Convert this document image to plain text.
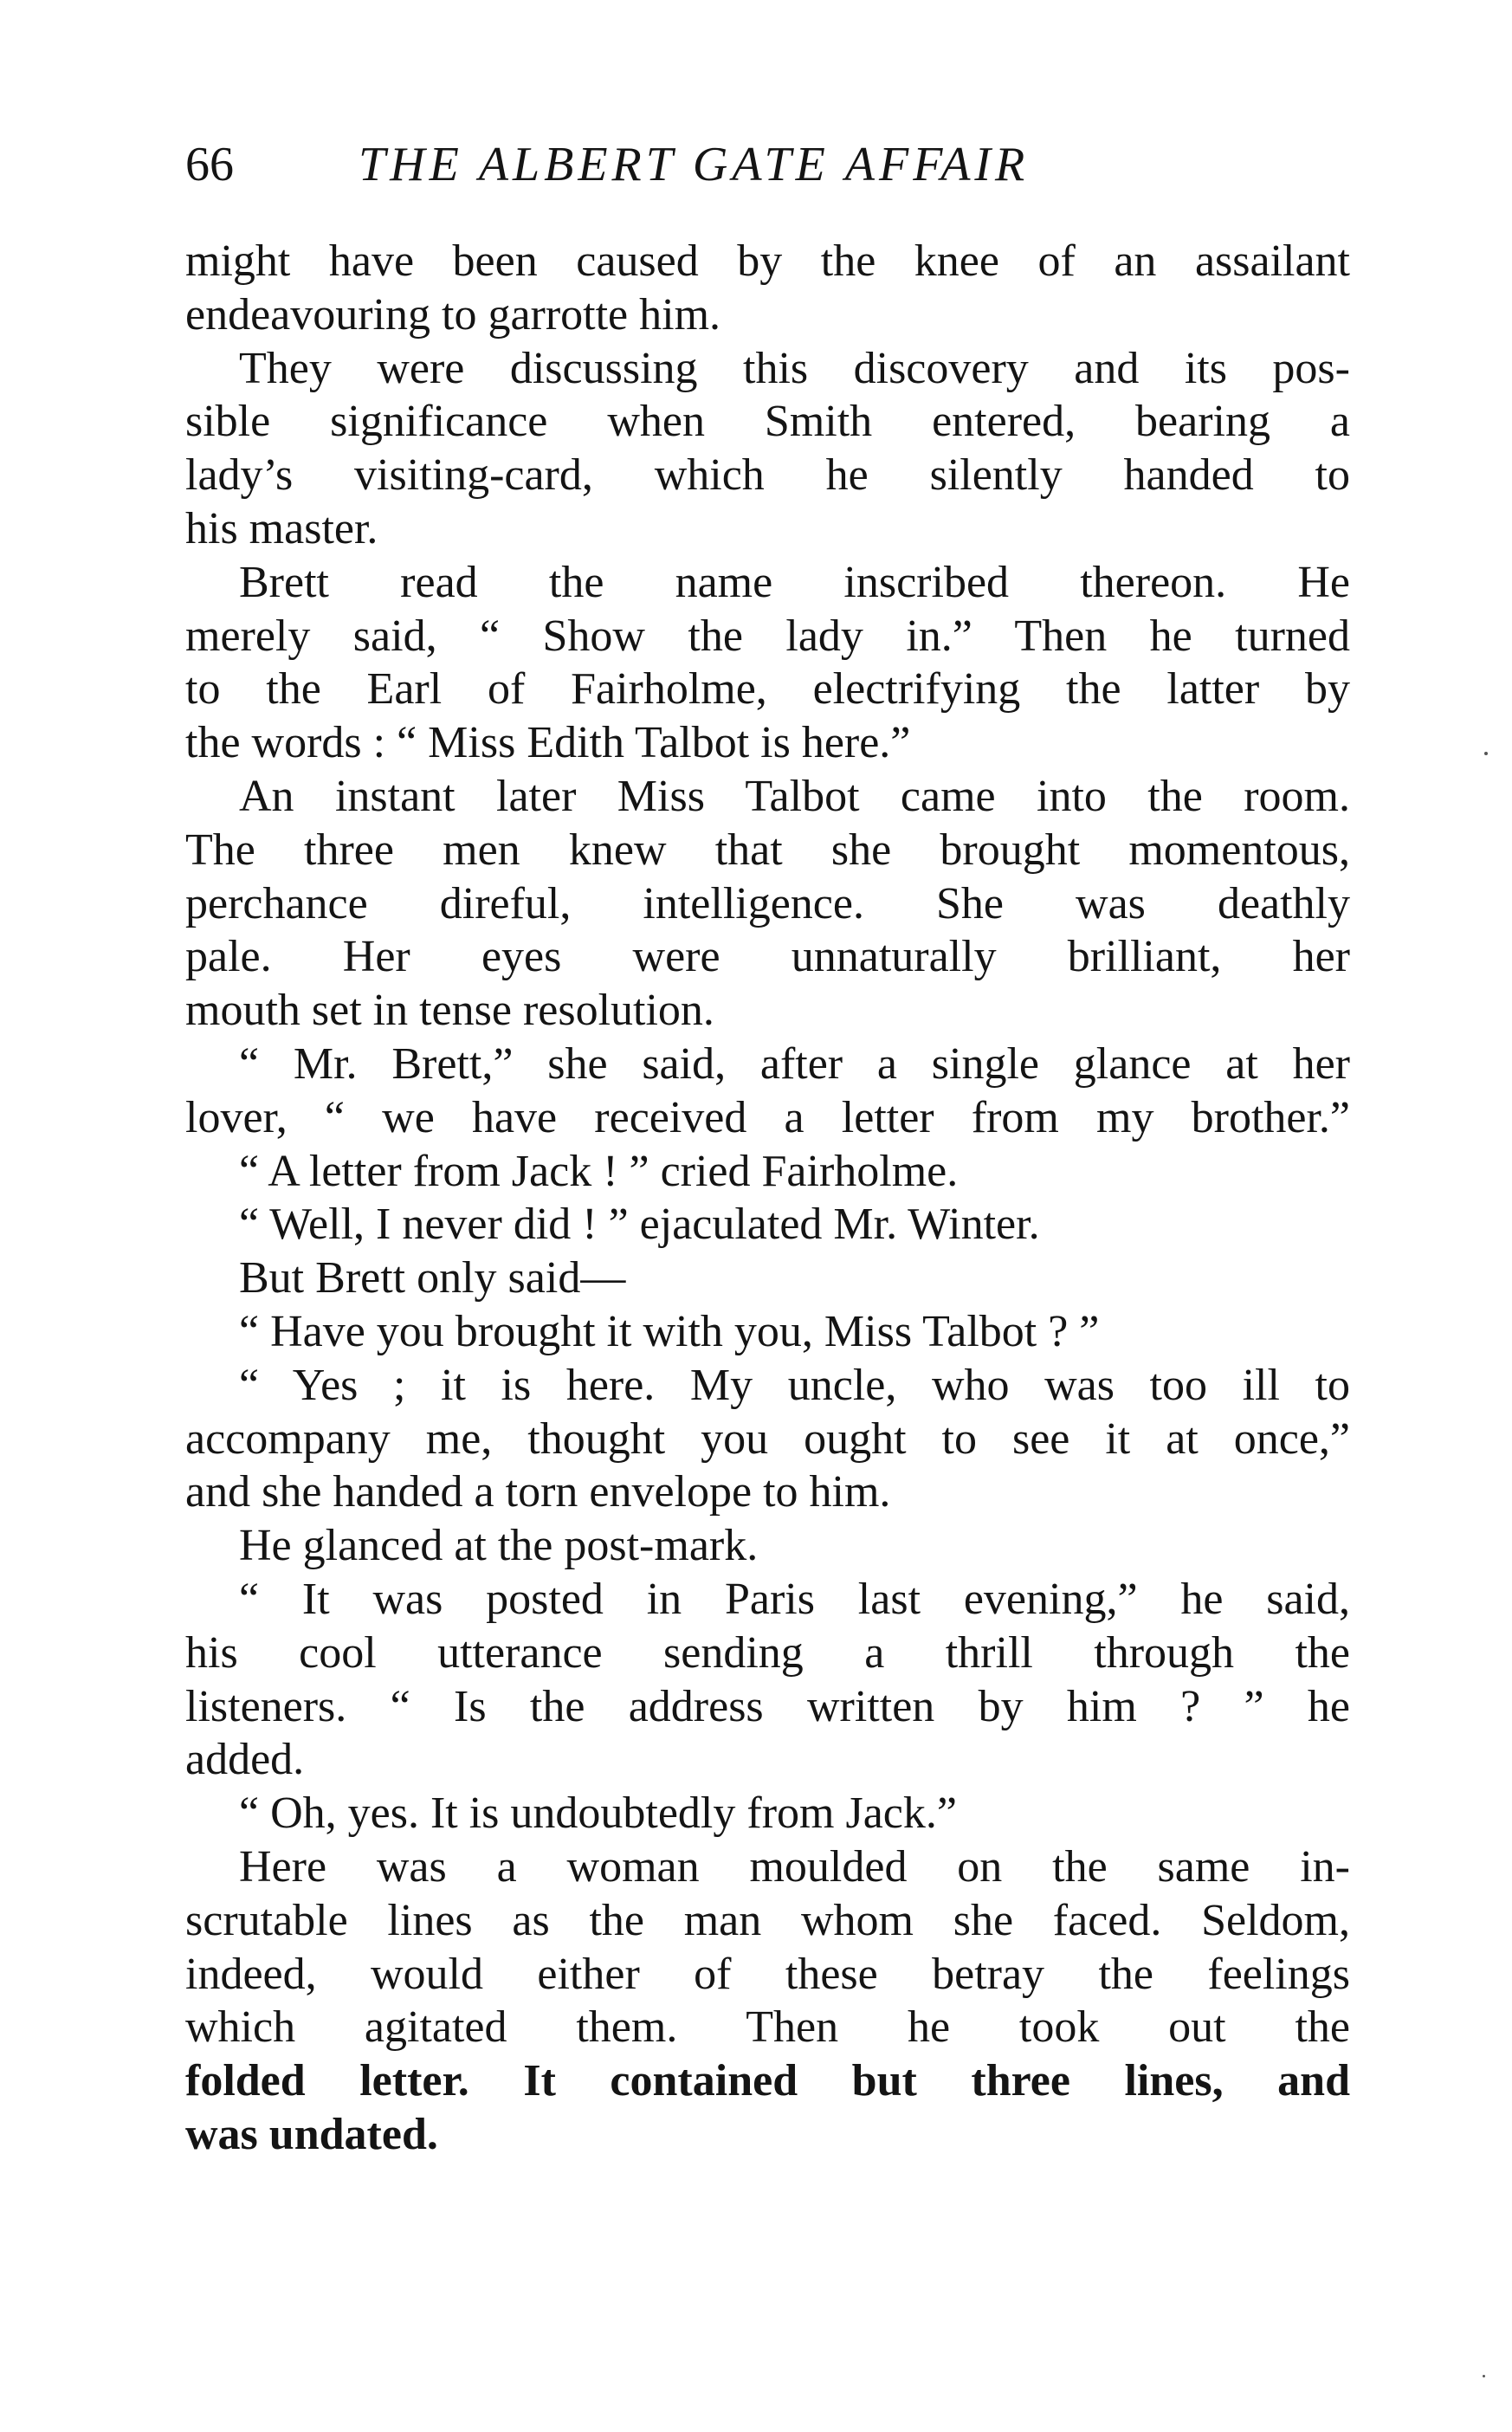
66	THE ALBERT GATE AFFAIR
might have been caused by the knee of an assailant
endeavouring to garrotte him.
They were discussing this discovery and its pos-
sible significance when Smith entered, bearing a
lady’s visiting-card, which he silently handed to
his master.
Brett read the name inscribed thereon. He
merely said, “ Show the lady in.” Then he turned
to the Earl of Fairholme, electrifying the latter by
the words : “ Miss Edith Talbot is here.”
An instant later Miss Talbot came into the room.
The three men knew that she brought momentous,
perchance direful, intelligence. She was deathly
pale. Her eyes were unnaturally brilliant, her
mouth set in tense resolution.
“ Mr. Brett,” she said, after a single glance at her
lover, “ we have received a letter from my brother.”
“ A letter from Jack ! ” cried Fairholme.
“ Well, I never did ! ” ejaculated Mr. Winter.
But Brett only said—
“ Have you brought it with you, Miss Talbot ? ”
“ Yes ; it is here. My uncle, who was too ill to
accompany me, thought you ought to see it at once,”
and she handed a torn envelope to him.
He glanced at the post-mark.
“ It was posted in Paris last evening,” he said,
his cool utterance sending a thrill through the
listeners. “ Is the address written by him ? ” he
added.
“ Oh, yes. It is undoubtedly from Jack.”
Here was a woman moulded on the same in-
scrutable lines as the man whom she faced. Seldom,
indeed, would either of these betray the feelings
which agitated them. Then he took out the
folded letter. It contained but three lines, and
was undated.
